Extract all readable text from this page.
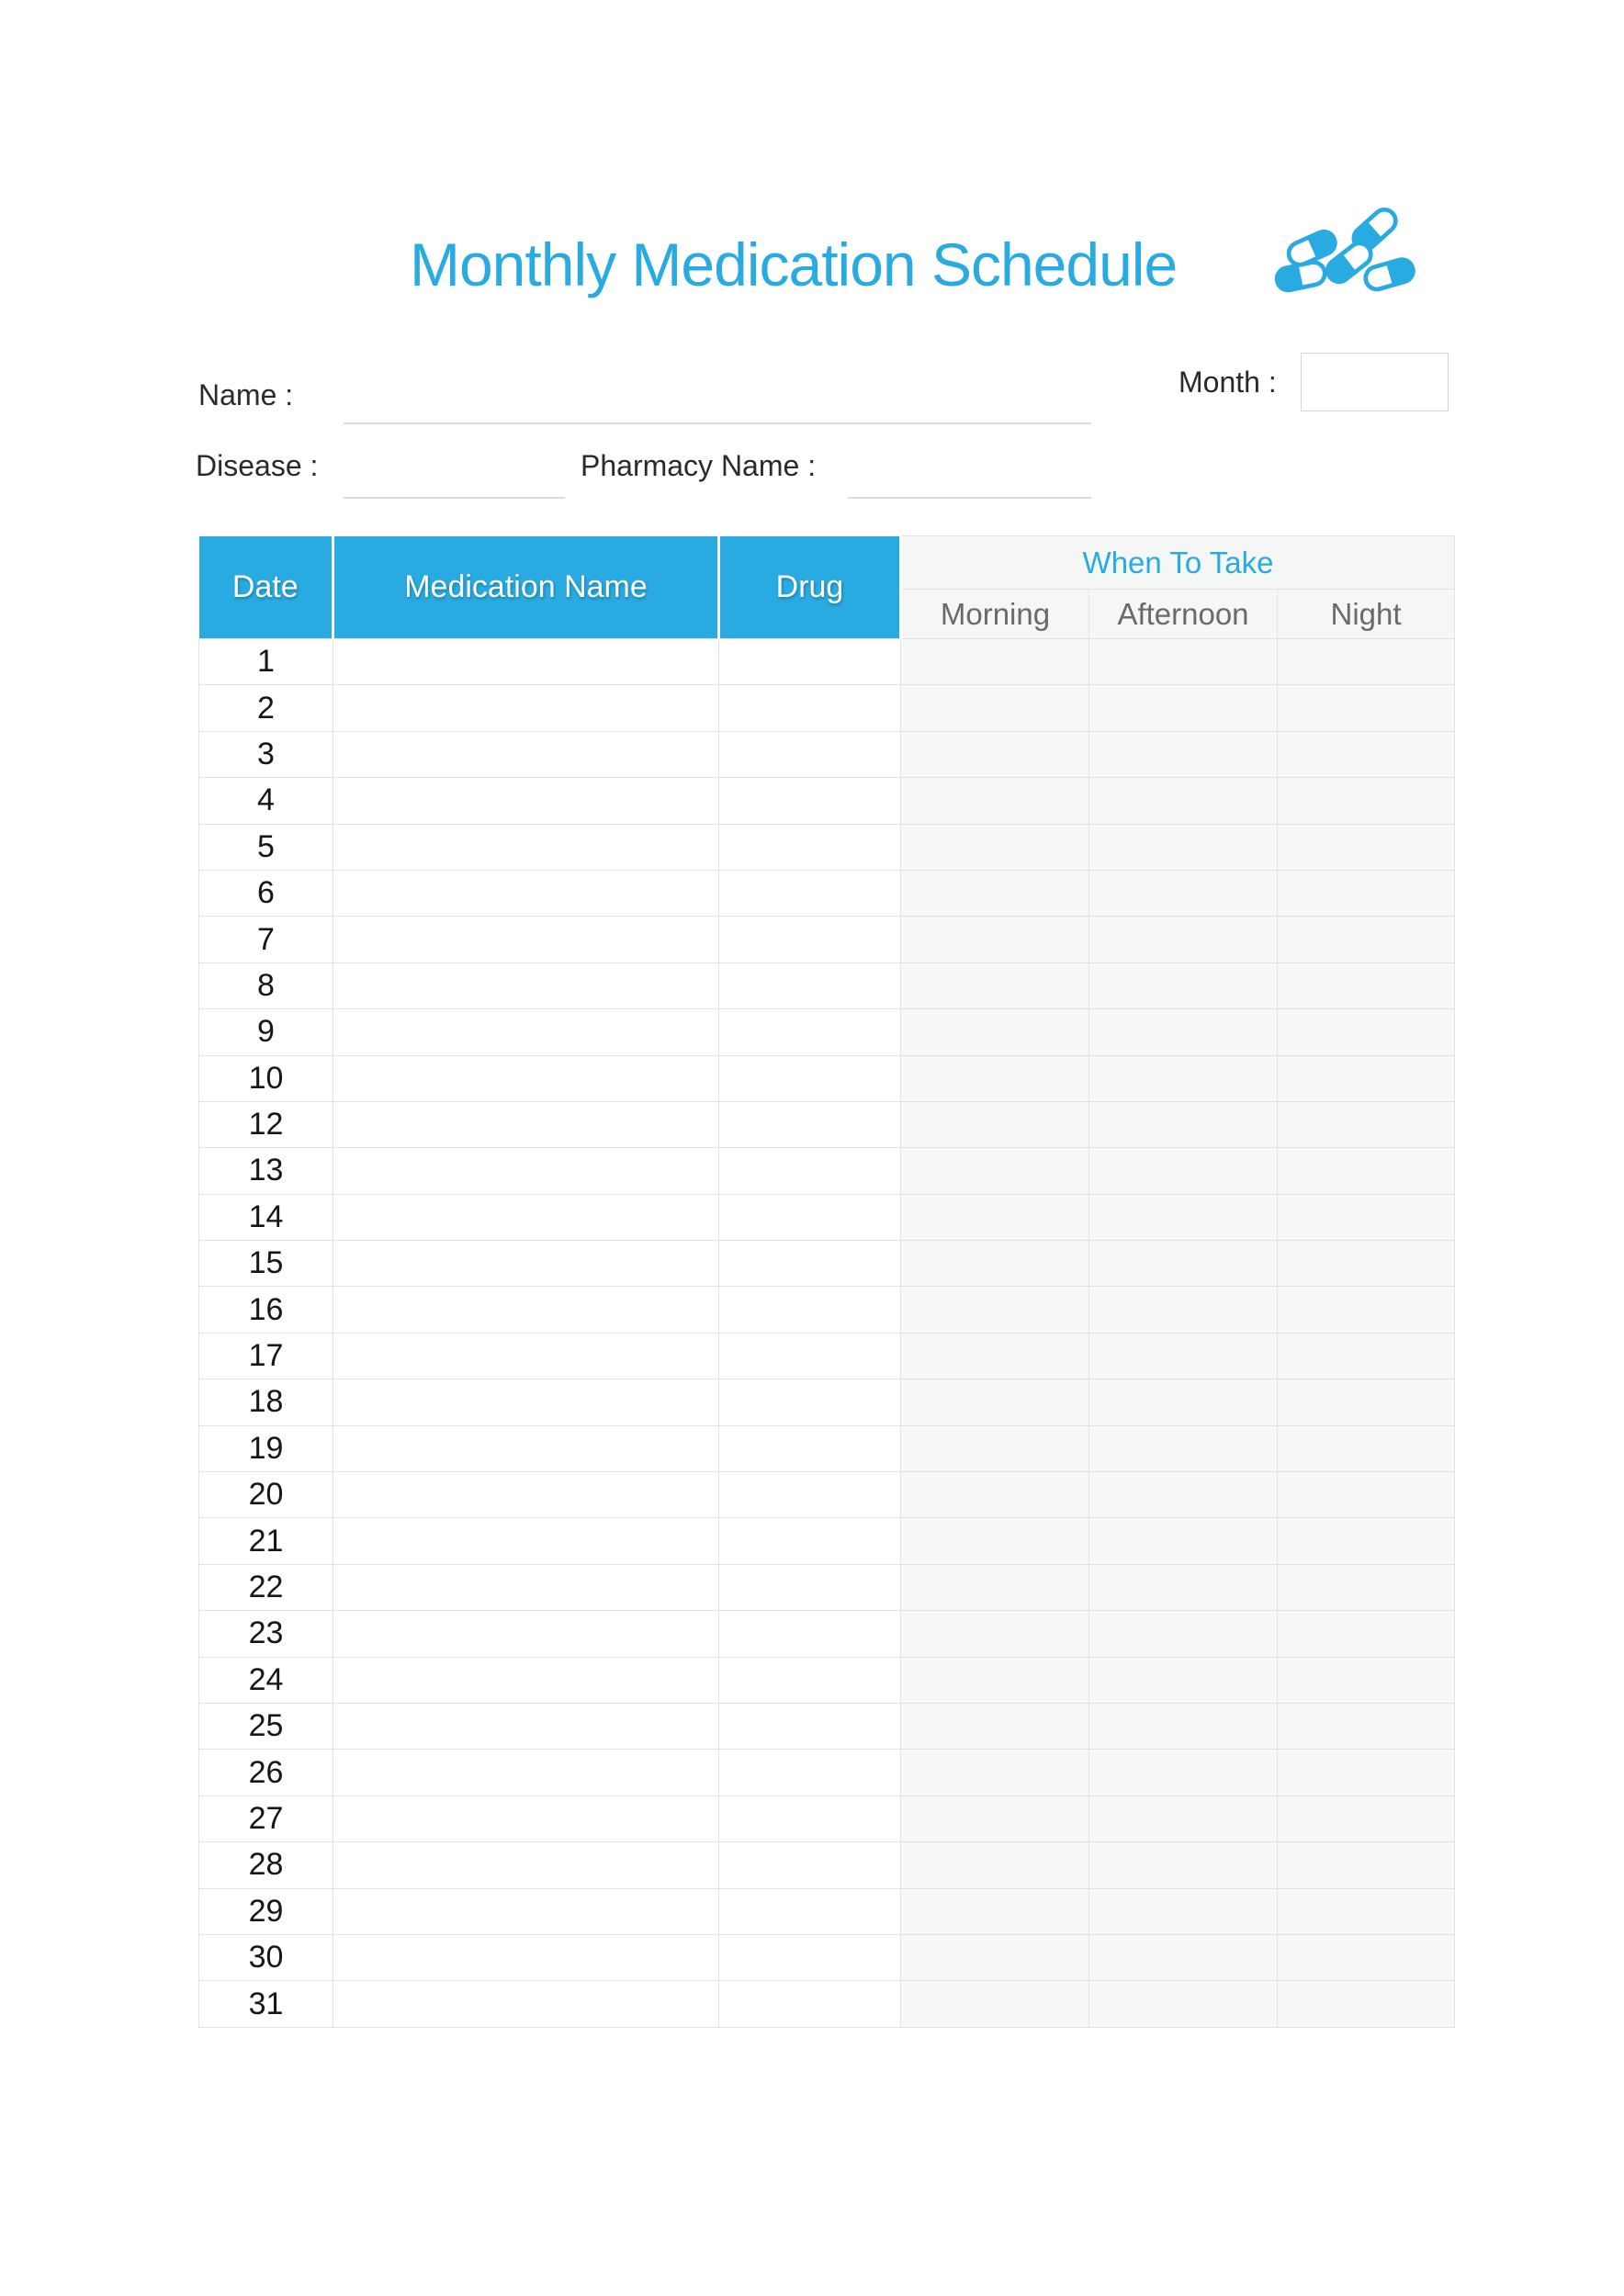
Monthly Medication Schedule
Name :	Month :
Disease :	Pharmacy Name :
Date	Medication Name	Drug	When To Take		
			Morning	Afternoon	Night
1					
2					
3					
4					
5					
6					
7					
8					
9					
10					
12					
13					
14					
15					
16					
17					
18					
19					
20					
21					
22					
23					
24					
25					
26					
27					
28					
29					
30					
31					
